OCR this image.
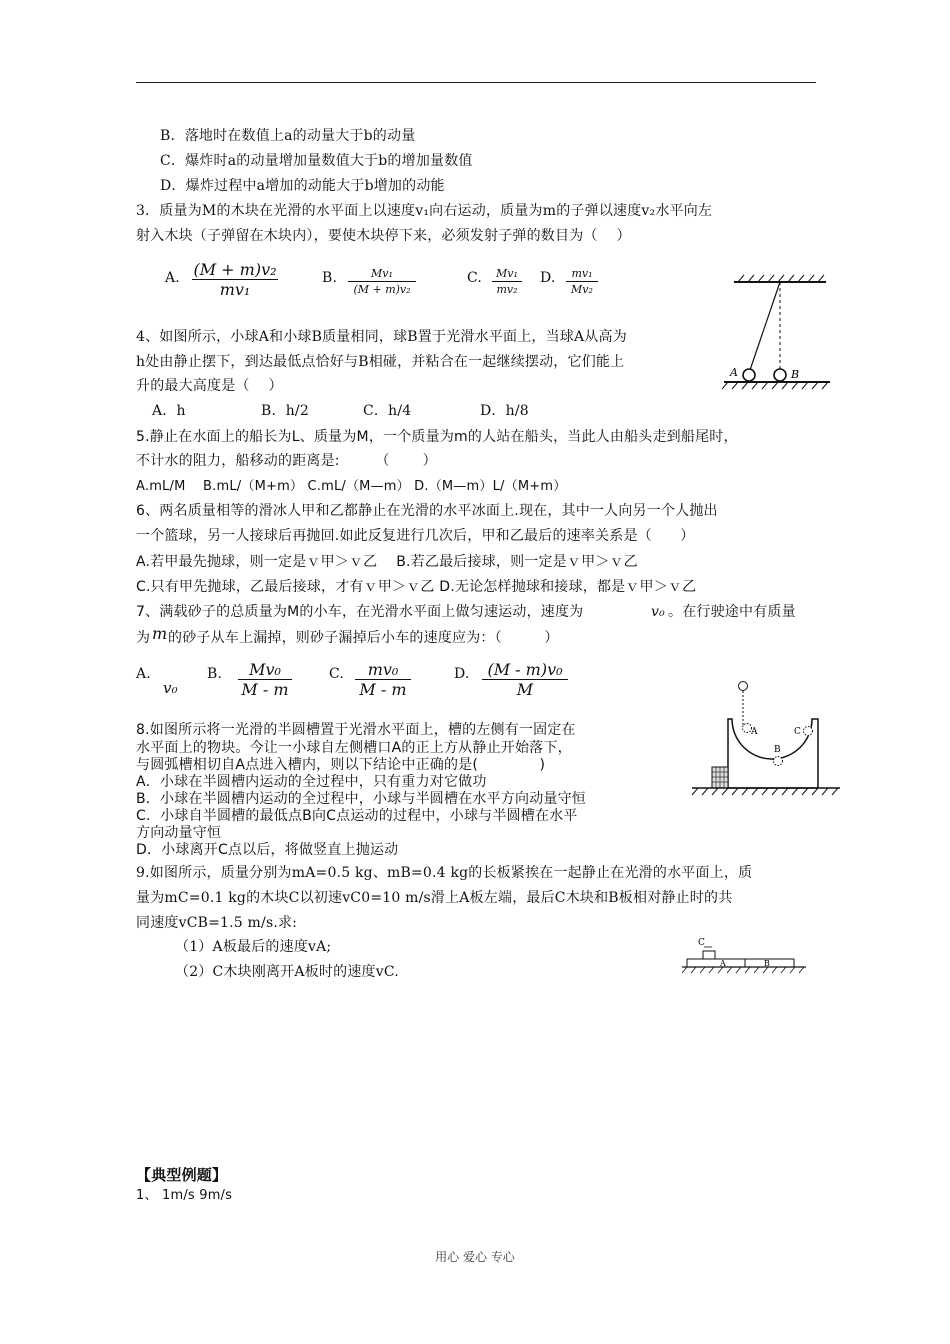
B．落地时在数值上a的动量大于b的动量
C．爆炸时a的动量增加量数值大于b的增加量数值
D．爆炸过程中a增加的动能大于b增加的动能
3．质量为M的木块在光滑的水平面上以速度v₁向右运动，质量为m的子弹以速度v₂水平向左
射入木块（子弹留在木块内），要使木块停下来，必须发射子弹的数目为（　 ）
A. (M + m)v₂
mv₁
B.	Mv₁
(M + m)v₂
C.	Mv₁
mv₂
D.	mv₁
Mv₂
A	B
4、如图所示，小球A和小球B质量相同，球B置于光滑水平面上，当球A从高为
h处由静止摆下，到达最低点恰好与B相碰，并粘合在一起继续摆动，它们能上
升的最大高度是（　 ）
A．h	B．h/2	C．h/4	D．h/8
5.静止在水面上的船长为L、质量为M，一个质量为m的人站在船头，当此人由船头走到船尾时，
不计水的阻力，船移动的距离是:　　　（　　 ）
A.mL/M　 B.mL/（M+m） C.mL/（M—m） D.（M—m）L/（M+m）
6、两名质量相等的滑冰人甲和乙都静止在光滑的水平冰面上.现在，其中一人向另一个人抛出
一个篮球，另一人接球后再抛回.如此反复进行几次后，甲和乙最后的速率关系是（　　）
A.若甲最先抛球，则一定是ｖ甲＞ｖ乙　 B.若乙最后接球，则一定是ｖ甲＞ｖ乙
C.只有甲先抛球，乙最后接球，才有ｖ甲＞ｖ乙 D.无论怎样抛球和接球，都是ｖ甲＞ｖ乙
7、满载砂子的总质量为M的小车，在光滑水平面上做匀速运动，速度为	v₀ 。在行驶途中有质量
为 m 的砂子从车上漏掉，则砂子漏掉后小车的速度应为：（　　　）
A.
v₀
B.	Mv₀
M - m
C.	mv₀
M - m
D.	(M - m)v₀
M
A
B
C
8.如图所示将一光滑的半圆槽置于光滑水平面上，槽的左侧有一固定在
水平面上的物块。今让一小球自左侧槽口A的正上方从静止开始落下，
与圆弧槽相切自A点进入槽内，则以下结论中正确的是(　　　　 )
A．小球在半圆槽内运动的全过程中，只有重力对它做功
B．小球在半圆槽内运动的全过程中，小球与半圆槽在水平方向动量守恒
C．小球自半圆槽的最低点B向C点运动的过程中，小球与半圆槽在水平
方向动量守恒
D．小球离开C点以后，将做竖直上抛运动
9.如图所示，质量分别为mA=0.5 kg、mB=0.4 kg的长板紧挨在一起静止在光滑的水平面上，质
量为mC=0.1 kg的木块C以初速vC0=10 m/s滑上A板左端，最后C木块和B板相对静止时的共
同速度vCB=1.5 m/s.求:
（1）A板最后的速度vA;
（2）C木块刚离开A板时的速度vC.
C
A	B
【典型例题】
1、 1m/s 9m/s
用心 爱心 专心
